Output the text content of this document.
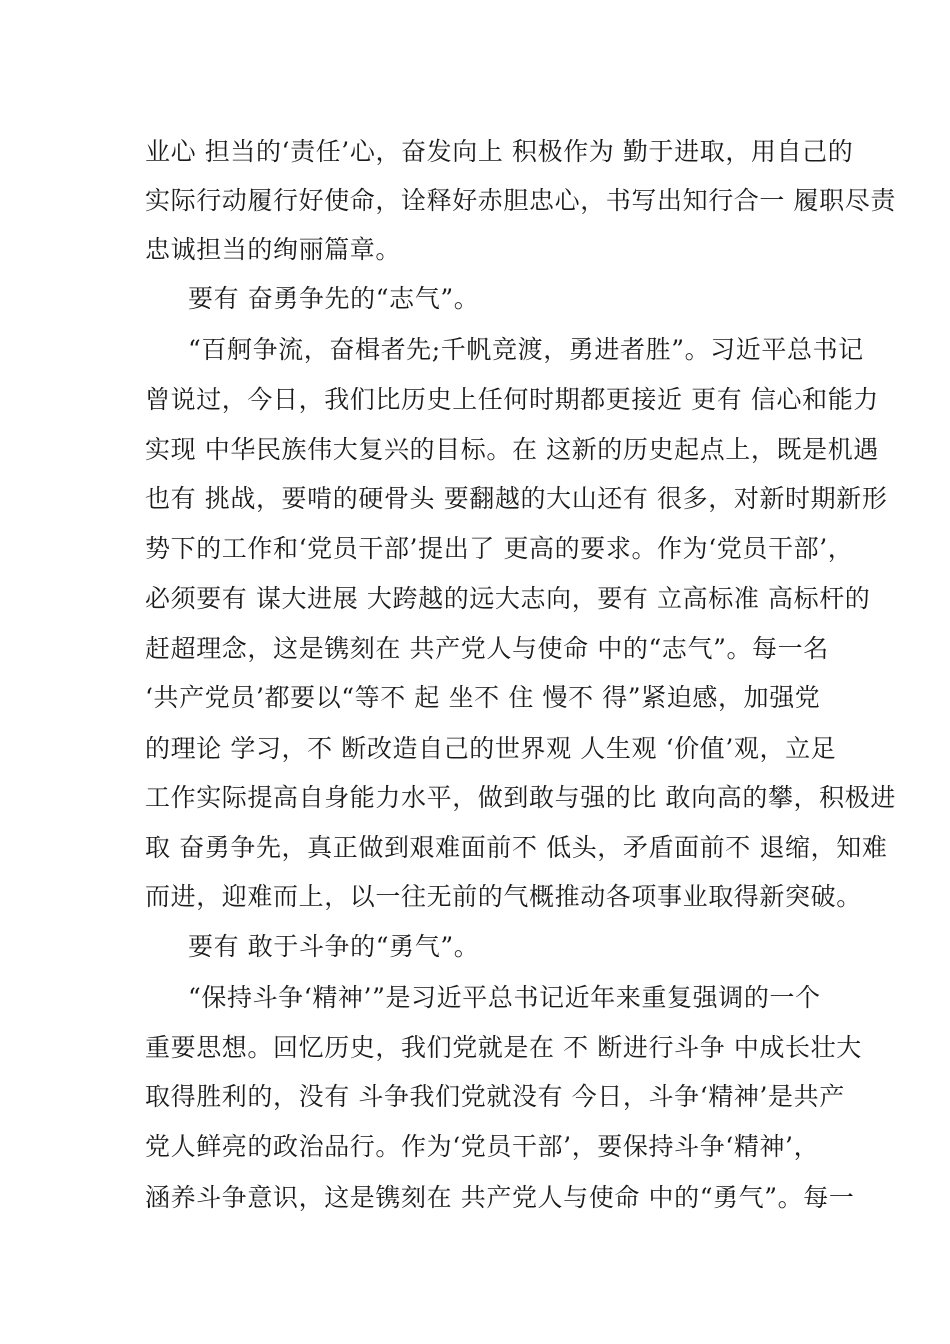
业心 担当的‘责任’心，奋发向上 积极作为 勤于进取，用自己的
实际行动履行好使命，诠释好赤胆忠心，书写出知行合一 履职尽责
忠诚担当的绚丽篇章。
要有 奋勇争先的“志气”。
“百舸争流，奋楫者先;千帆竞渡，勇进者胜”。习近平总书记
曾说过，今日，我们比历史上任何时期都更接近 更有 信心和能力
实现 中华民族伟大复兴的目标。在 这新的历史起点上，既是机遇
也有 挑战，要啃的硬骨头 要翻越的大山还有 很多，对新时期新形
势下的工作和‘党员干部’提出了 更高的要求。作为‘党员干部’，
必须要有 谋大进展 大跨越的远大志向，要有 立高标准 高标杆的
赶超理念，这是镌刻在 共产党人与使命 中的“志气”。每一名
‘共产党员’都要以“等不 起 坐不 住 慢不 得”紧迫感，加强党
的理论 学习，不 断改造自己的世界观 人生观 ‘价值’观，立足
工作实际提高自身能力水平，做到敢与强的比 敢向高的攀，积极进
取 奋勇争先，真正做到艰难面前不 低头，矛盾面前不 退缩，知难
而进，迎难而上，以一往无前的气概推动各项事业取得新突破。
要有 敢于斗争的“勇气”。
“保持斗争‘精神’”是习近平总书记近年来重复强调的一个
重要思想。回忆历史，我们党就是在 不 断进行斗争 中成长壮大
取得胜利的，没有 斗争我们党就没有 今日，斗争‘精神’是共产
党人鲜亮的政治品行。作为‘党员干部’，要保持斗争‘精神’，
涵养斗争意识，这是镌刻在 共产党人与使命 中的“勇气”。每一
